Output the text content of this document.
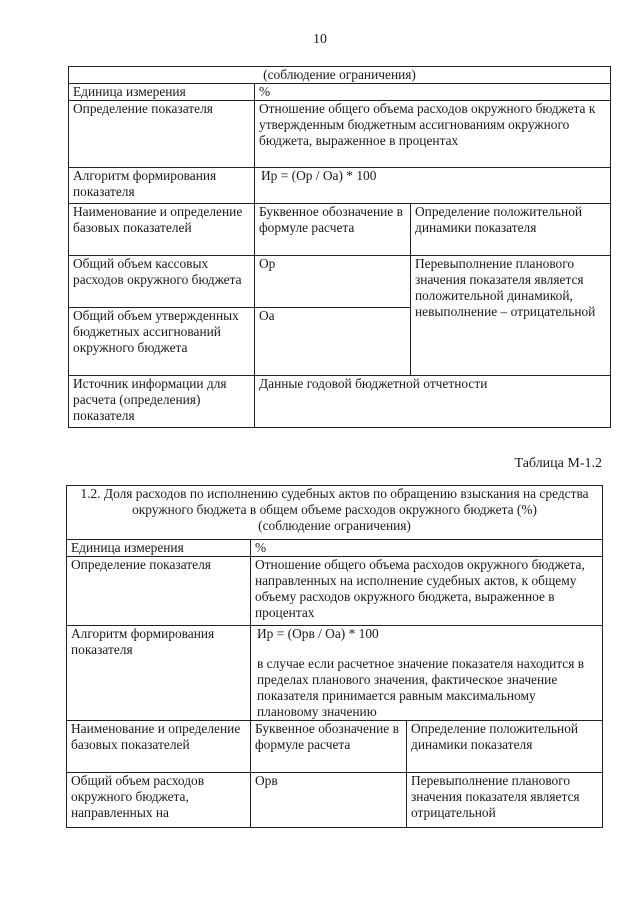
10
(соблюдение ограничения)		
Единица измерения	%	
Определение показателя	Отношение общего объема расходов окружного бюджета к утвержденным бюджетным ассигнованиям окружного бюджета, выраженное в процентах	
Алгоритм формирования показателя	Ир = (Ор / Оа) * 100	
Наименование и определение базовых показателей	Буквенное обозначение в формуле расчета	Определение положительной динамики показателя
Общий объем кассовых расходов окружного бюджета	Ор	Перевыполнение планового значения показателя является положительной динамикой, невыполнение – отрицательной
Общий объем утвержденных бюджетных ассигнований окружного бюджета	Оа	
Источник информации для расчета (определения) показателя	Данные годовой бюджетной отчетности	
Таблица М-1.2
1.2. Доля расходов по исполнению судебных актов по обращению взыскания на средства окружного бюджета в общем объеме расходов окружного бюджета (%)
(соблюдение ограничения)		

Единица измерения	%	
Определение показателя	Отношение общего объема расходов окружного бюджета, направленных на исполнение судебных актов, к общему объему расходов окружного бюджета, выраженное в процентах	
Алгоритм формирования показателя	Ир = (Орв / Оа) * 100
в случае если расчетное значение показателя находится в пределах планового значения, фактическое значение показателя принимается равным максимальному плановому значению	

Наименование и определение базовых показателей	Буквенное обозначение в формуле расчета	Определение положительной динамики показателя
Общий объем расходов окружного бюджета, направленных на	Орв	Перевыполнение планового значения показателя является отрицательной
